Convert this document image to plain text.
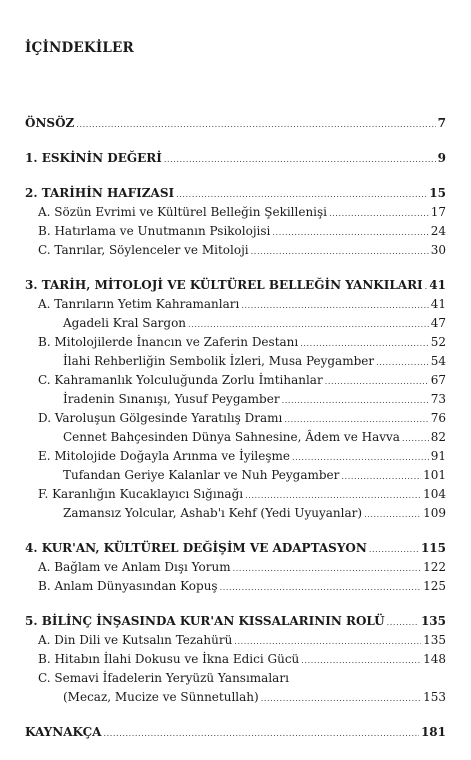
İÇİNDEKİLER
ÖNSÖZ .....	7
1. ESKİNİN DEĞERİ .....	9
2. TARİHİN HAFIZASI .....	15
A. Sözün Evrimi ve Kültürel Belleğin Şekillenişi .....	17
B. Hatırlama ve Unutmanın Psikolojisi .....	24
C. Tanrılar, Söylenceler ve Mitoloji .....	30
3. TARİH, MİTOLOJİ VE KÜLTÜREL BELLEĞİN YANKILARI ..... 41
A. Tanrıların Yetim Kahramanları .....	41
Agadeli Kral Sargon .....	47
B. Mitolojilerde İnancın ve Zaferin Destanı .....	52
İlahi Rehberliğin Sembolik İzleri, Musa Peygamber .....	54
C. Kahramanlık Yolculuğunda Zorlu İmtihanlar .....	67
İradenin Sınanışı, Yusuf Peygamber .....	73
D. Varoluşun Gölgesinde Yaratılış Dramı .....	76
Cennet Bahçesinden Dünya Sahnesine, Âdem ve Havva .....	82
E. Mitolojide Doğayla Arınma ve İyileşme .....	91
Tufandan Geriye Kalanlar ve Nuh Peygamber .....	101
F. Karanlığın Kucaklayıcı Sığınağı .....	104
Zamansız Yolcular, Ashab'ı Kehf (Yedi Uyuyanlar) .....	109
4. KUR'AN, KÜLTÜREL DEĞİŞİM VE ADAPTASYON .....	115
A. Bağlam ve Anlam Dışı Yorum .....	122
B. Anlam Dünyasından Kopuş .....	125
5. BİLİNÇ İNŞASINDA KUR'AN KISSALARININ ROLÜ .....	135
A. Din Dili ve Kutsalın Tezahürü .....	135
B. Hitabın İlahi Dokusu ve İkna Edici Gücü .....	148
C. Semavi İfadelerin Yeryüzü Yansımaları
(Mecaz, Mucize ve Sünnetullah) .....	153
KAYNAKÇA .....	181
